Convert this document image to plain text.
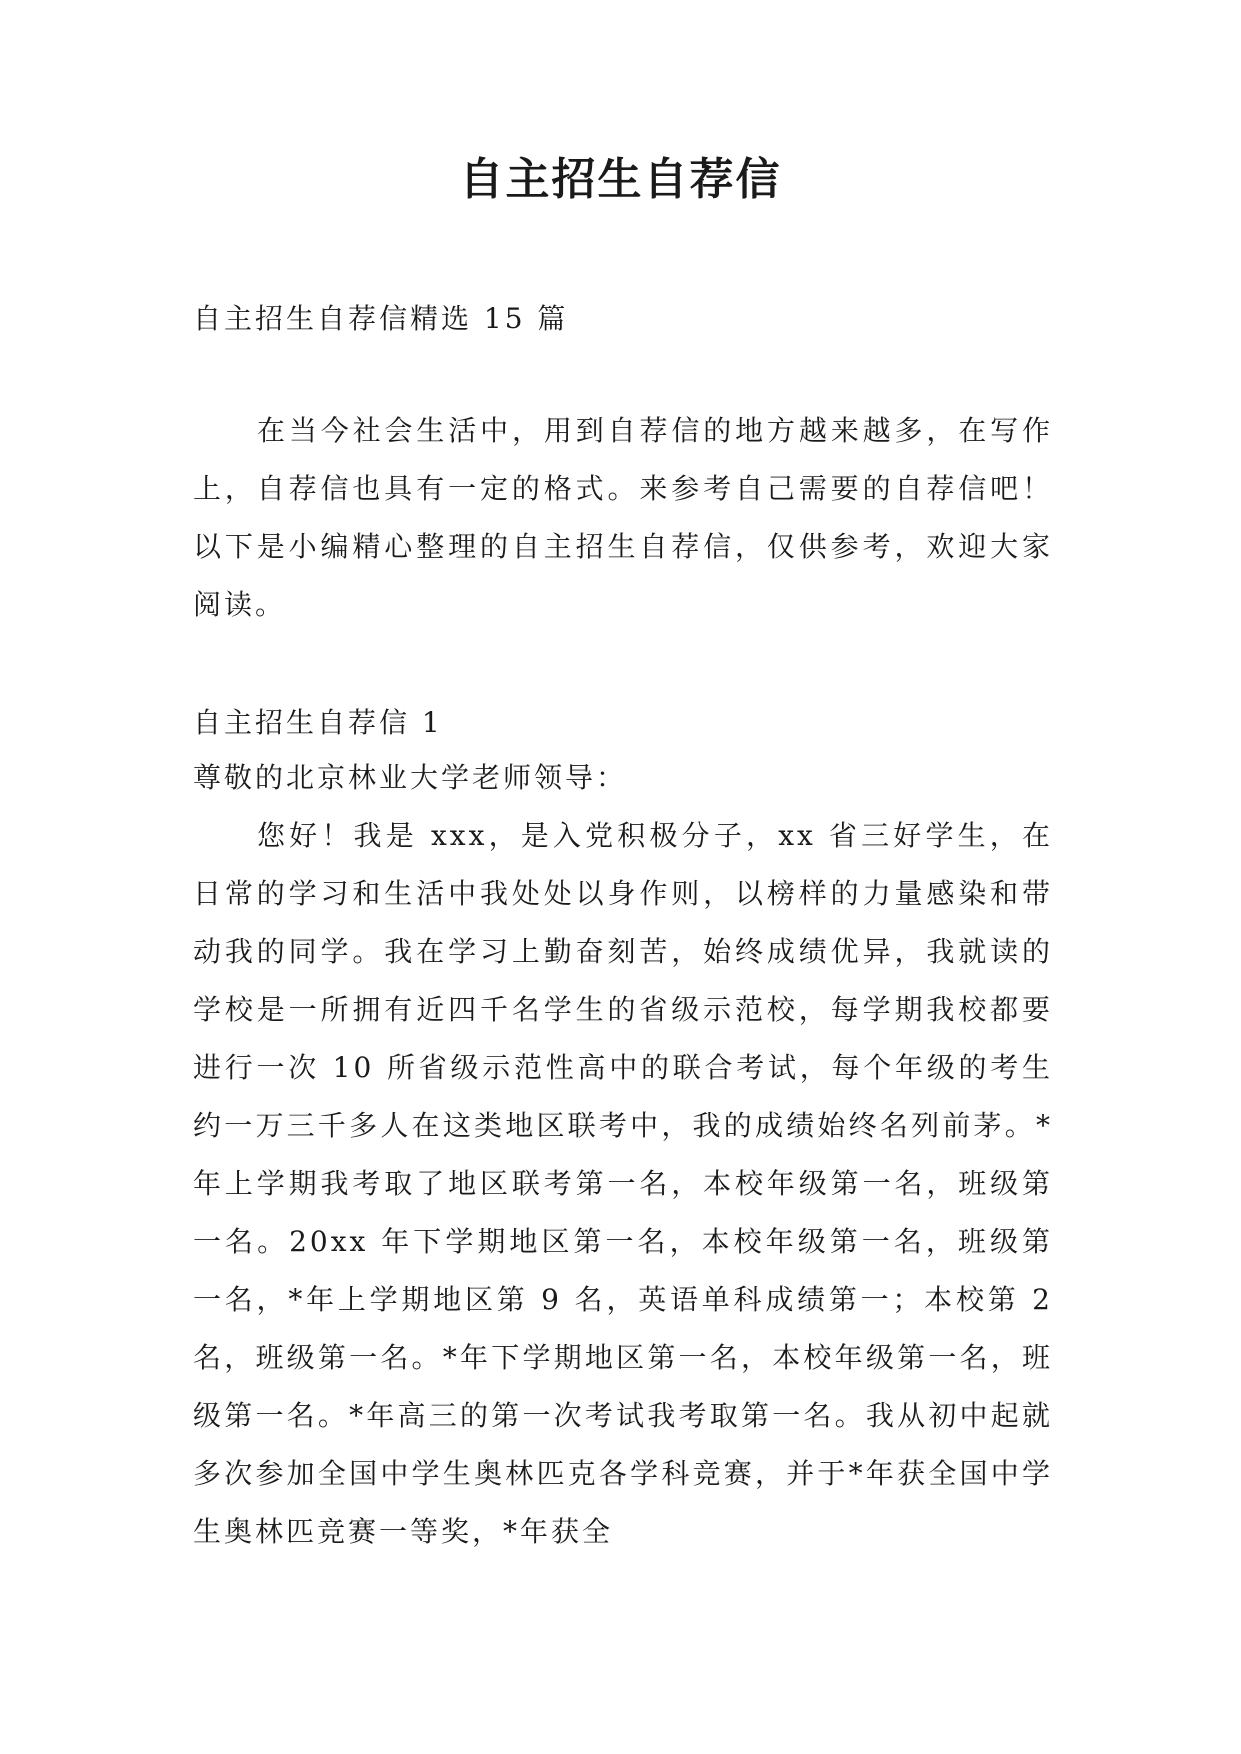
自主招生自荐信

自主招生自荐信精选 15 篇

在当今社会生活中，用到自荐信的地方越来越多，在写作上，自荐信也具有一定的格式。来参考自己需要的自荐信吧！以下是小编精心整理的自主招生自荐信，仅供参考，欢迎大家阅读。

自主招生自荐信 1

尊敬的北京林业大学老师领导：

您好！我是 xxx，是入党积极分子，xx 省三好学生，在日常的学习和生活中我处处以身作则，以榜样的力量感染和带动我的同学。我在学习上勤奋刻苦，始终成绩优异，我就读的学校是一所拥有近四千名学生的省级示范校，每学期我校都要进行一次 10 所省级示范性高中的联合考试，每个年级的考生约一万三千多人在这类地区联考中，我的成绩始终名列前茅。*年上学期我考取了地区联考第一名，本校年级第一名，班级第一名。20xx 年下学期地区第一名，本校年级第一名，班级第一名，*年上学期地区第 9 名，英语单科成绩第一；本校第 2 名，班级第一名。*年下学期地区第一名，本校年级第一名，班级第一名。*年高三的第一次考试我考取第一名。我从初中起就多次参加全国中学生奥林匹克各学科竞赛，并于*年获全国中学生奥林匹竞赛一等奖，*年获全
